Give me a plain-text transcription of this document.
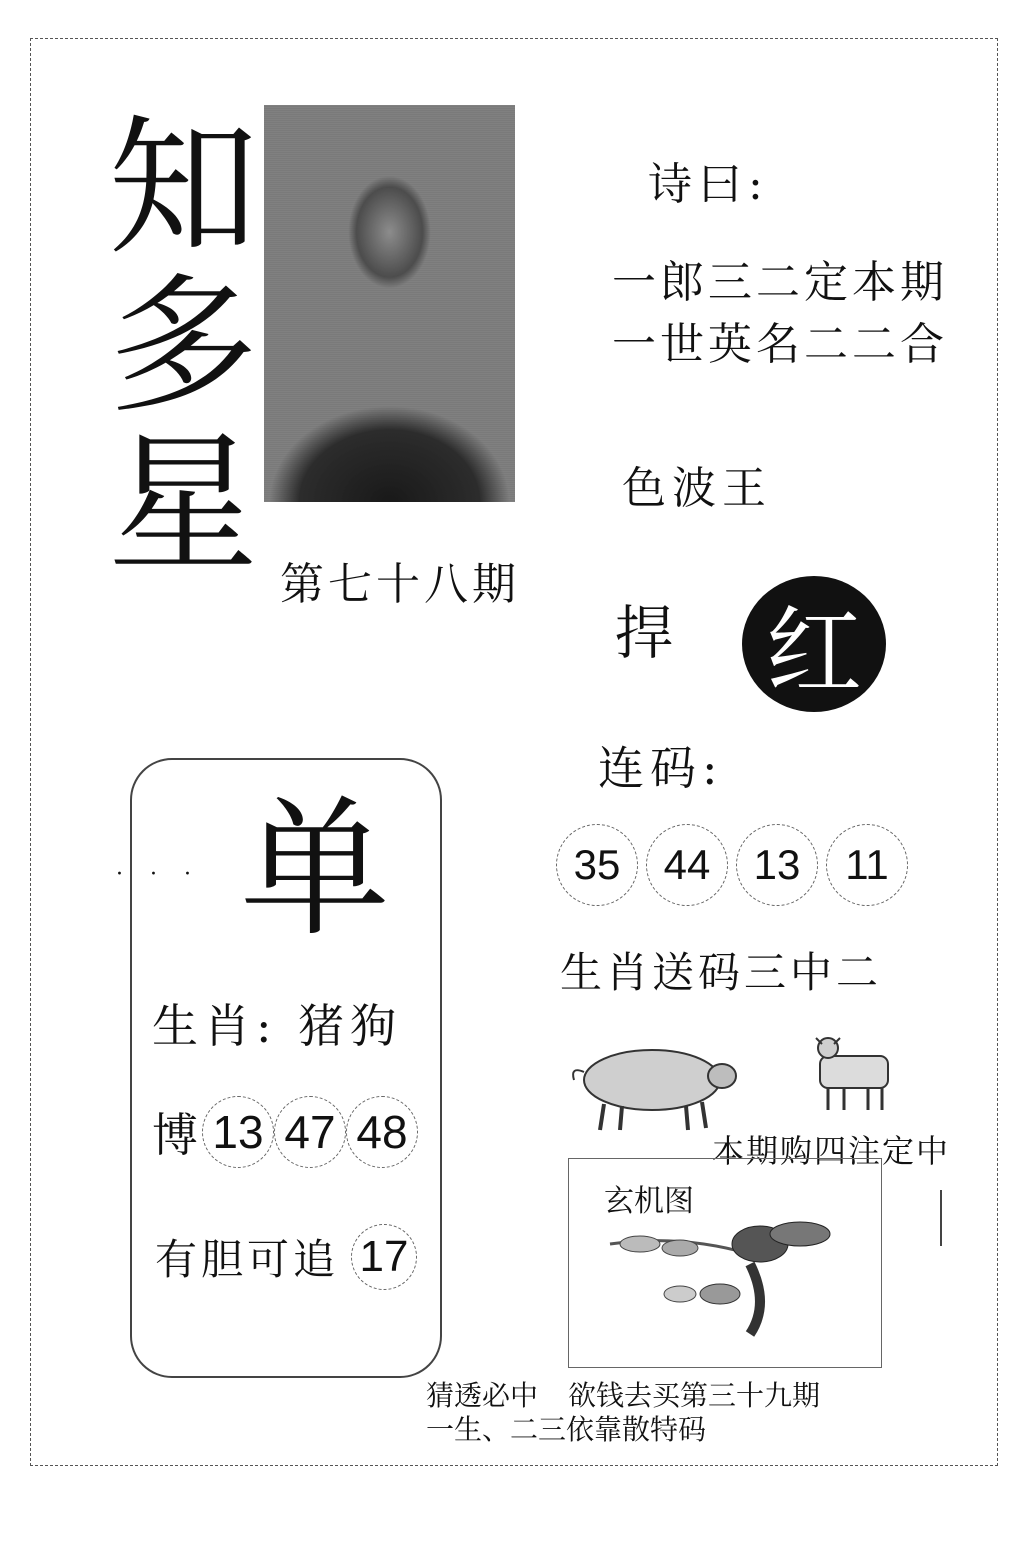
知
多
星 第七十八期
诗曰:
一郎三二定本期
一世英名二二合
色波王
捍 红
连码:
35	44	13	11
生肖送码三中二
本期购四注定中
玄机图
· · · 单
生肖: 猪狗
博 13 47 48
有胆可追 17
猜透必中 欲钱去买第三十九期
一生、二三依靠散特码
